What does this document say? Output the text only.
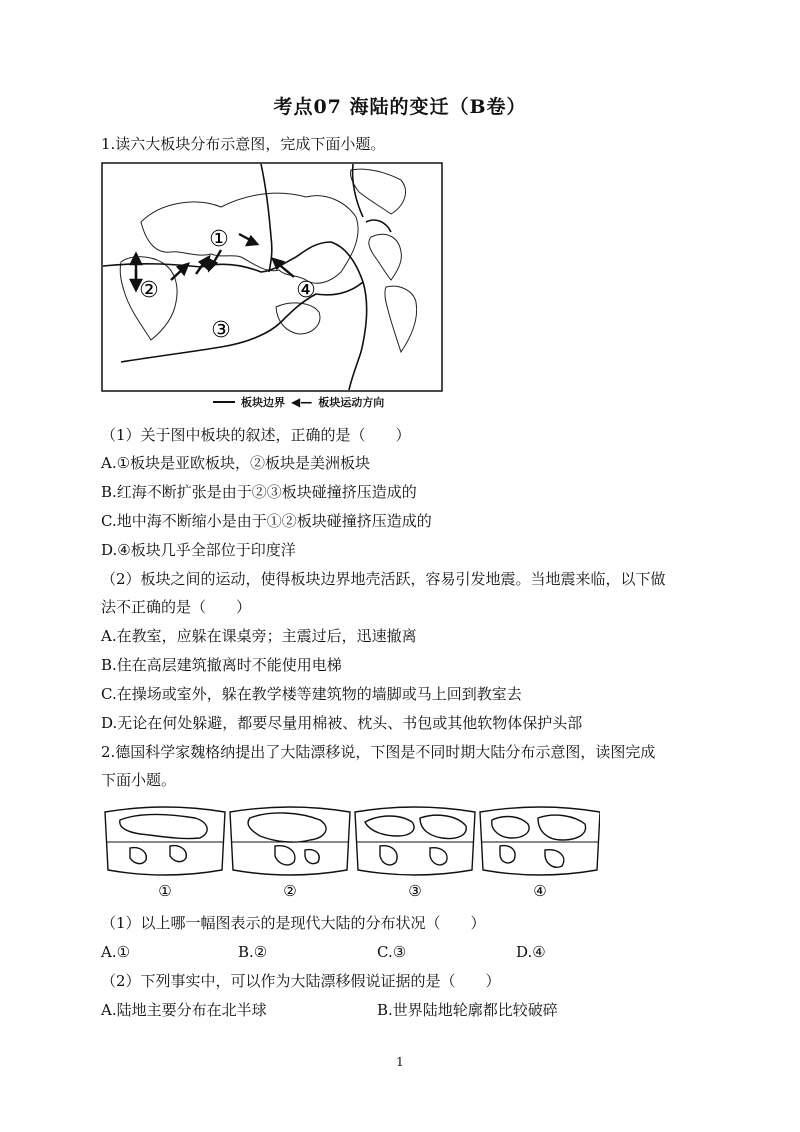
考点07 海陆的变迁（B卷）
1.读六大板块分布示意图，完成下面小题。
①
②
③
④
板块边界 ◀— 板块运动方向
（1）关于图中板块的叙述，正确的是（　　）
A.①板块是亚欧板块，②板块是美洲板块
B.红海不断扩张是由于②③板块碰撞挤压造成的
C.地中海不断缩小是由于①②板块碰撞挤压造成的
D.④板块几乎全部位于印度洋
（2）板块之间的运动，使得板块边界地壳活跃，容易引发地震。当地震来临，以下做
法不正确的是（　　）
A.在教室，应躲在课桌旁；主震过后，迅速撤离
B.住在高层建筑撤离时不能使用电梯
C.在操场或室外，躲在教学楼等建筑物的墙脚或马上回到教室去
D.无论在何处躲避，都要尽量用棉被、枕头、书包或其他软物体保护头部
2.德国科学家魏格纳提出了大陆漂移说，下图是不同时期大陆分布示意图，读图完成
下面小题。
①	②	③	④
（1）以上哪一幅图表示的是现代大陆的分布状况（　　）
A.①	B.②	C.③	D.④
（2）下列事实中，可以作为大陆漂移假说证据的是（　　）
A.陆地主要分布在北半球	B.世界陆地轮廓都比较破碎
1
